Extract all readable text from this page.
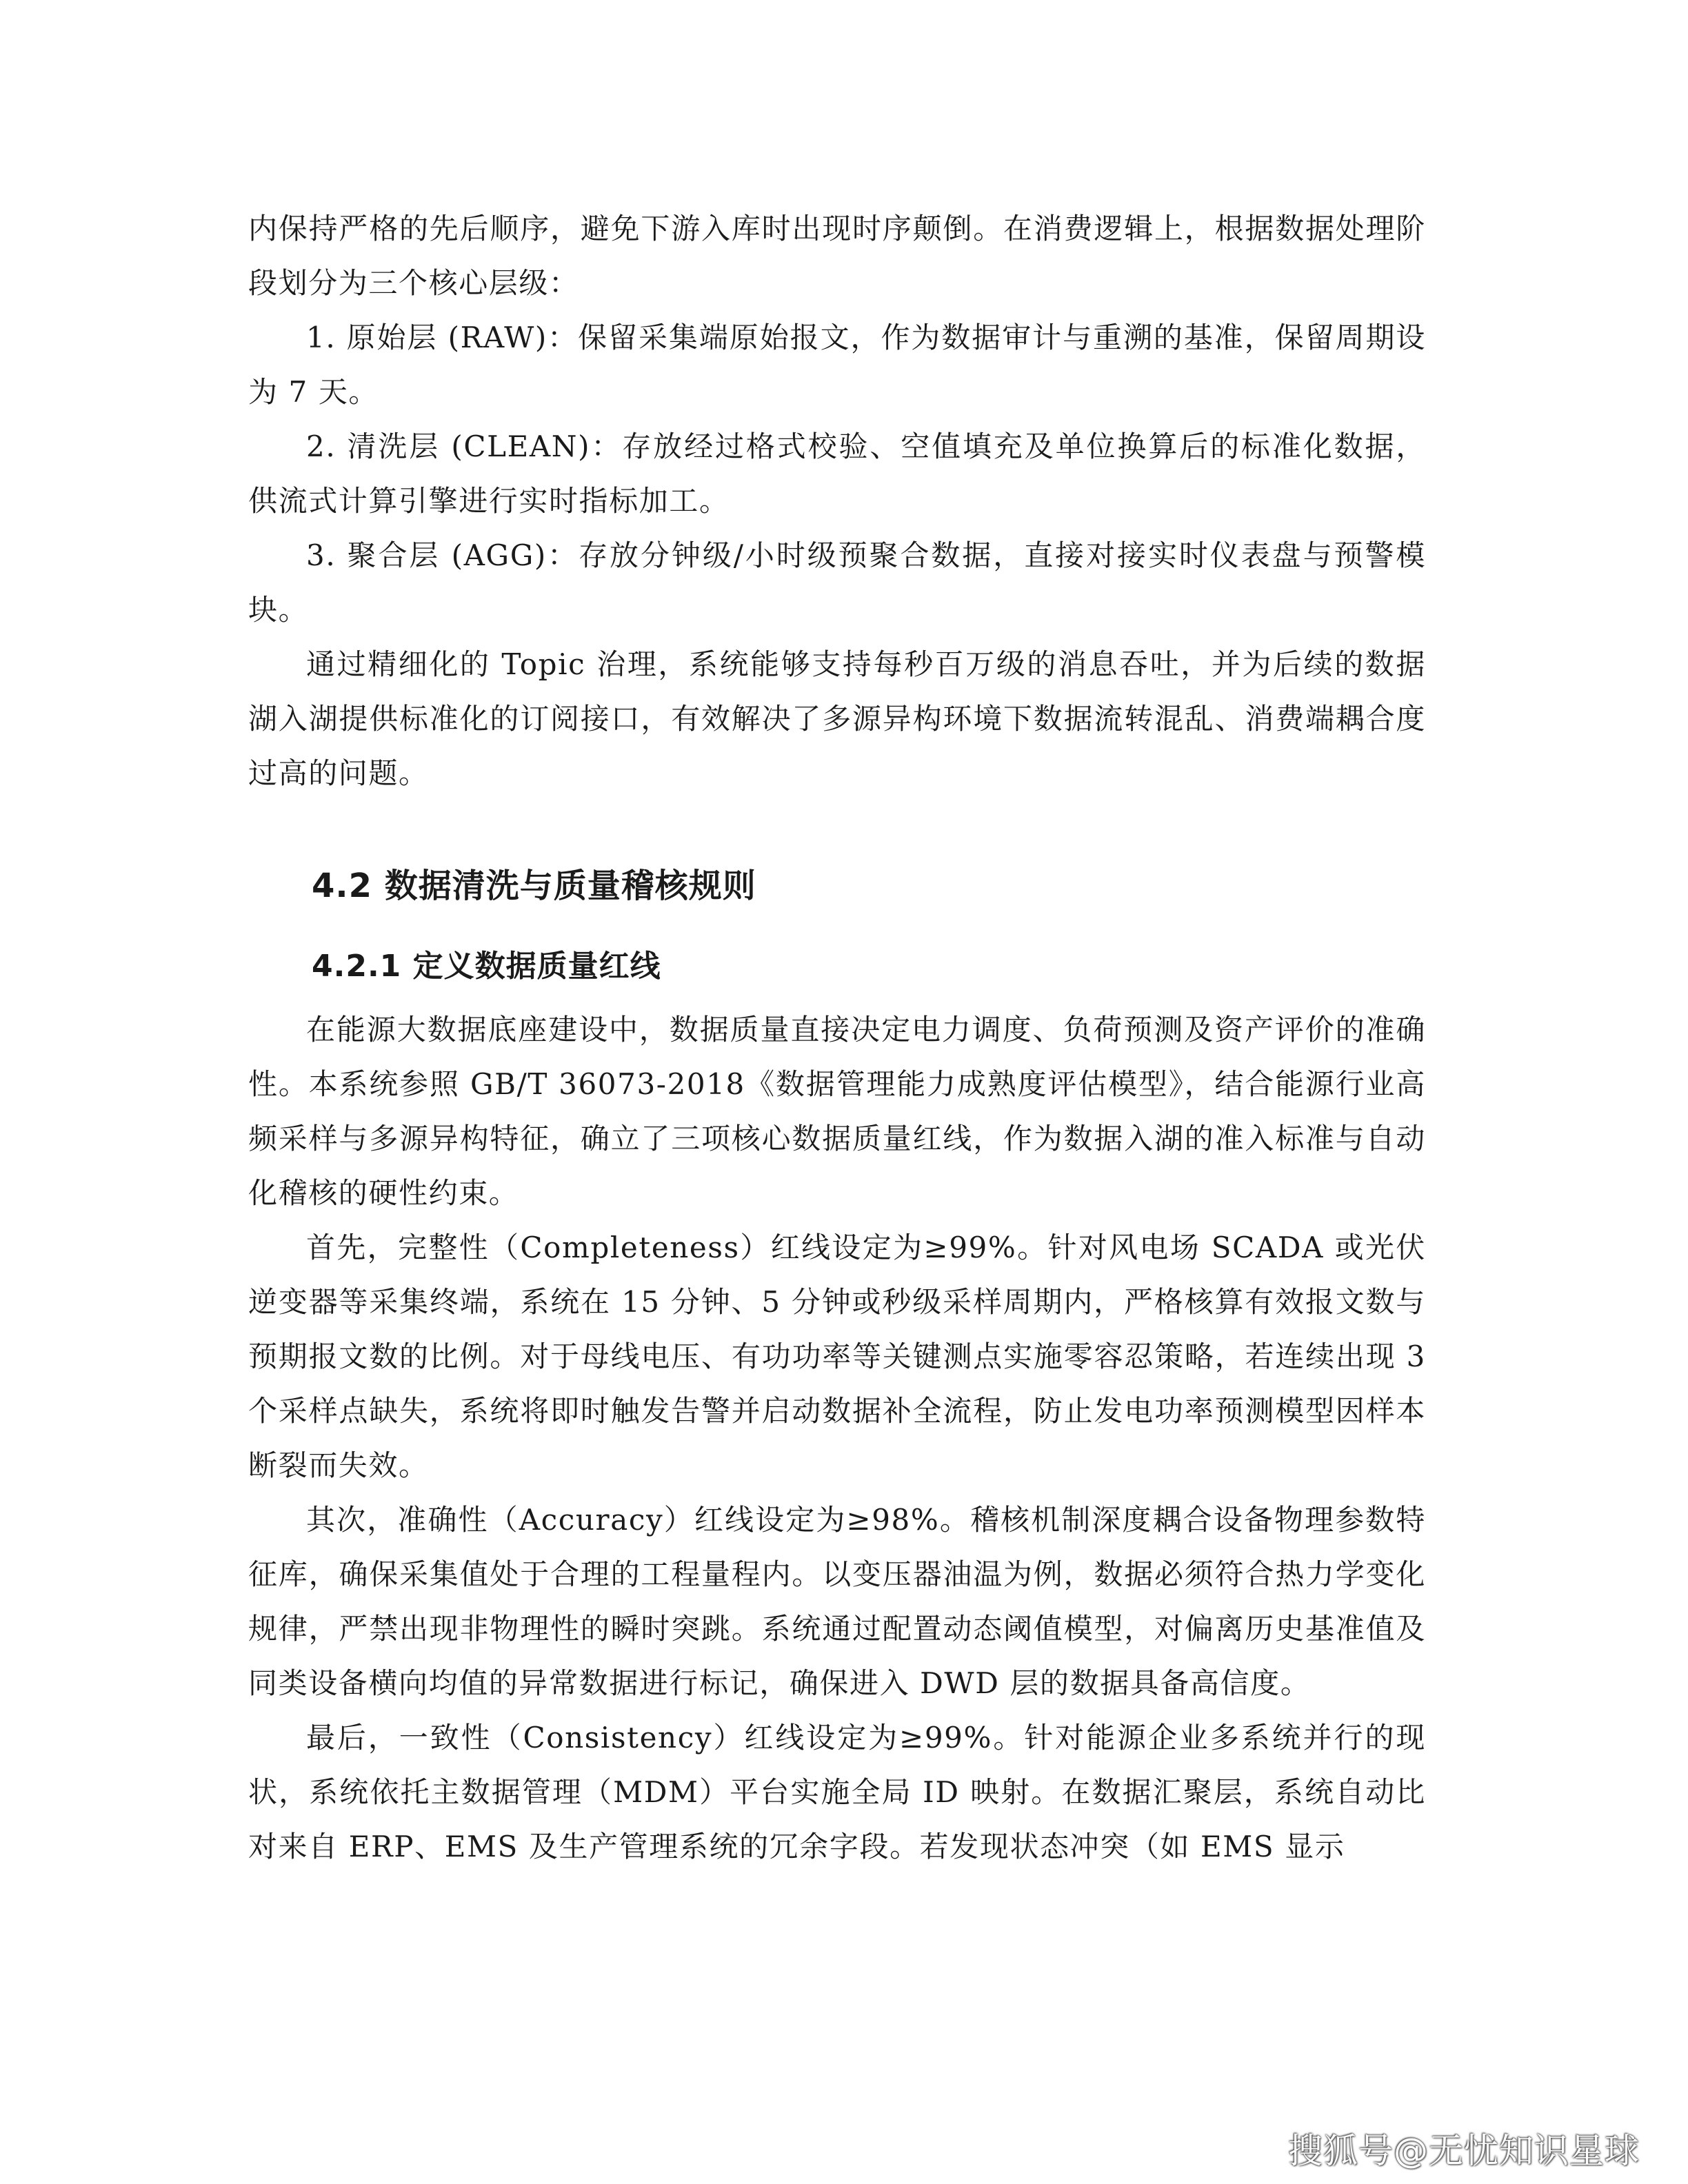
内保持严格的先后顺序，避免下游入库时出现时序颠倒。在消费逻辑上，根据数据处理阶段划分为三个核心层级：

1. 原始层 (RAW)：保留采集端原始报文，作为数据审计与重溯的基准，保留周期设为 7 天。

2. 清洗层 (CLEAN)：存放经过格式校验、空值填充及单位换算后的标准化数据，供流式计算引擎进行实时指标加工。

3. 聚合层 (AGG)：存放分钟级/小时级预聚合数据，直接对接实时仪表盘与预警模块。

通过精细化的 Topic 治理，系统能够支持每秒百万级的消息吞吐，并为后续的数据湖入湖提供标准化的订阅接口，有效解决了多源异构环境下数据流转混乱、消费端耦合度过高的问题。

4.2 数据清洗与质量稽核规则
4.2.1 定义数据质量红线

在能源大数据底座建设中，数据质量直接决定电力调度、负荷预测及资产评价的准确性。本系统参照 GB/T 36073-2018《数据管理能力成熟度评估模型》，结合能源行业高频采样与多源异构特征，确立了三项核心数据质量红线，作为数据入湖的准入标准与自动化稽核的硬性约束。

首先，完整性（Completeness）红线设定为≥99%。针对风电场 SCADA 或光伏逆变器等采集终端，系统在 15 分钟、5 分钟或秒级采样周期内，严格核算有效报文数与预期报文数的比例。对于母线电压、有功功率等关键测点实施零容忍策略，若连续出现 3 个采样点缺失，系统将即时触发告警并启动数据补全流程，防止发电功率预测模型因样本断裂而失效。

其次，准确性（Accuracy）红线设定为≥98%。稽核机制深度耦合设备物理参数特征库，确保采集值处于合理的工程量程内。以变压器油温为例，数据必须符合热力学变化规律，严禁出现非物理性的瞬时突跳。系统通过配置动态阈值模型，对偏离历史基准值及同类设备横向均值的异常数据进行标记，确保进入 DWD 层的数据具备高信度。

最后，一致性（Consistency）红线设定为≥99%。针对能源企业多系统并行的现状，系统依托主数据管理（MDM）平台实施全局 ID 映射。在数据汇聚层，系统自动比对来自 ERP、EMS 及生产管理系统的冗余字段。若发现状态冲突（如 EMS 显示

搜狐号@无忧知识星球
